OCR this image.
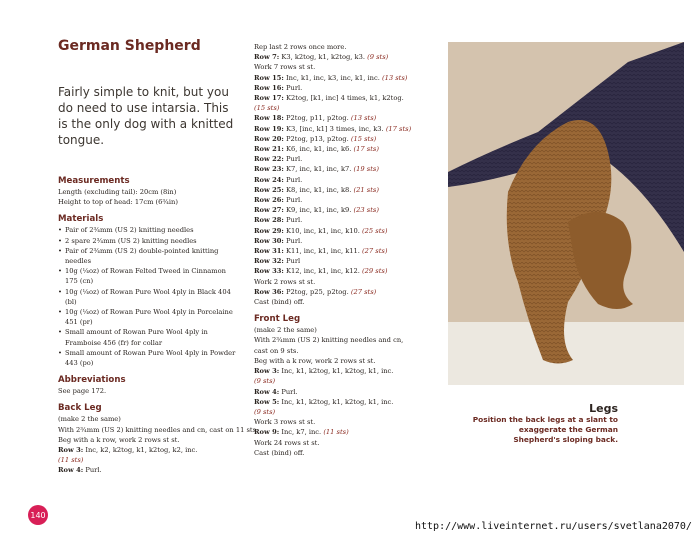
German Shepherd
Fairly simple to knit, but you do need to use intarsia. This is the only dog with a knitted tongue.
Measurements
Length (excluding tail): 20cm (8in)
Height to top of head: 17cm (6¾in)
Materials
• Pair of 2¾mm (US 2) knitting needles
• 2 spare 2¾mm (US 2) knitting needles
• Pair of 2¾mm (US 2) double-pointed knitting needles
• 10g (¼oz) of Rowan Felted Tweed in Cinnamon 175 (cn)
• 10g (¼oz) of Rowan Pure Wool 4ply in Black 404 (bl)
• 10g (¼oz) of Rowan Pure Wool 4ply in Porcelaine 451 (pr)
• Small amount of Rowan Pure Wool 4ply in Framboise 456 (fr) for collar
• Small amount of Rowan Pure Wool 4ply in Powder 443 (po)
Abbreviations
See page 172.
Back Leg
(make 2 the same)
With 2¾mm (US 2) knitting needles and cn, cast on 11 sts.
Beg with a k row, work 2 rows st st.
Row 3: Inc, k2, k2tog, k1, k2tog, k2, inc.
(11 sts)
Row 4: Purl.
Rep last 2 rows once more.
Row 7: K3, k2tog, k1, k2tog, k3. (9 sts)
Work 7 rows st st.
Row 15: Inc, k1, inc, k3, inc, k1, inc. (13 sts)
Row 16: Purl.
Row 17: K2tog, [k1, inc] 4 times, k1, k2tog.
(15 sts)
Row 18: P2tog, p11, p2tog. (13 sts)
Row 19: K3, [inc, k1] 3 times, inc, k3. (17 sts)
Row 20: P2tog, p13, p2tog. (15 sts)
Row 21: K6, inc, k1, inc, k6. (17 sts)
Row 22: Purl.
Row 23: K7, inc, k1, inc, k7. (19 sts)
Row 24: Purl.
Row 25: K8, inc, k1, inc, k8. (21 sts)
Row 26: Purl.
Row 27: K9, inc, k1, inc, k9. (23 sts)
Row 28: Purl.
Row 29: K10, inc, k1, inc, k10. (25 sts)
Row 30: Purl.
Row 31: K11, inc, k1, inc, k11. (27 sts)
Row 32: Purl
Row 33: K12, inc, k1, inc, k12. (29 sts)
Work 2 rows st st.
Row 36: P2tog, p25, p2tog. (27 sts)
Cast (bind) off.
Front Leg
(make 2 the same)
With 2¾mm (US 2) knitting needles and cn,
cast on 9 sts.
Beg with a k row, work 2 rows st st.
Row 3: Inc, k1, k2tog, k1, k2tog, k1, inc.
(9 sts)
Row 4: Purl.
Row 5: Inc, k1, k2tog, k1, k2tog, k1, inc.
(9 sts)
Work 3 rows st st.
Row 9: Inc, k7, inc. (11 sts)
Work 24 rows st st.
Cast (bind) off.
Legs
Position the back legs at a slant to exaggerate the German Shepherd's sloping back.
140
http://www.liveinternet.ru/users/svetlana2070/
